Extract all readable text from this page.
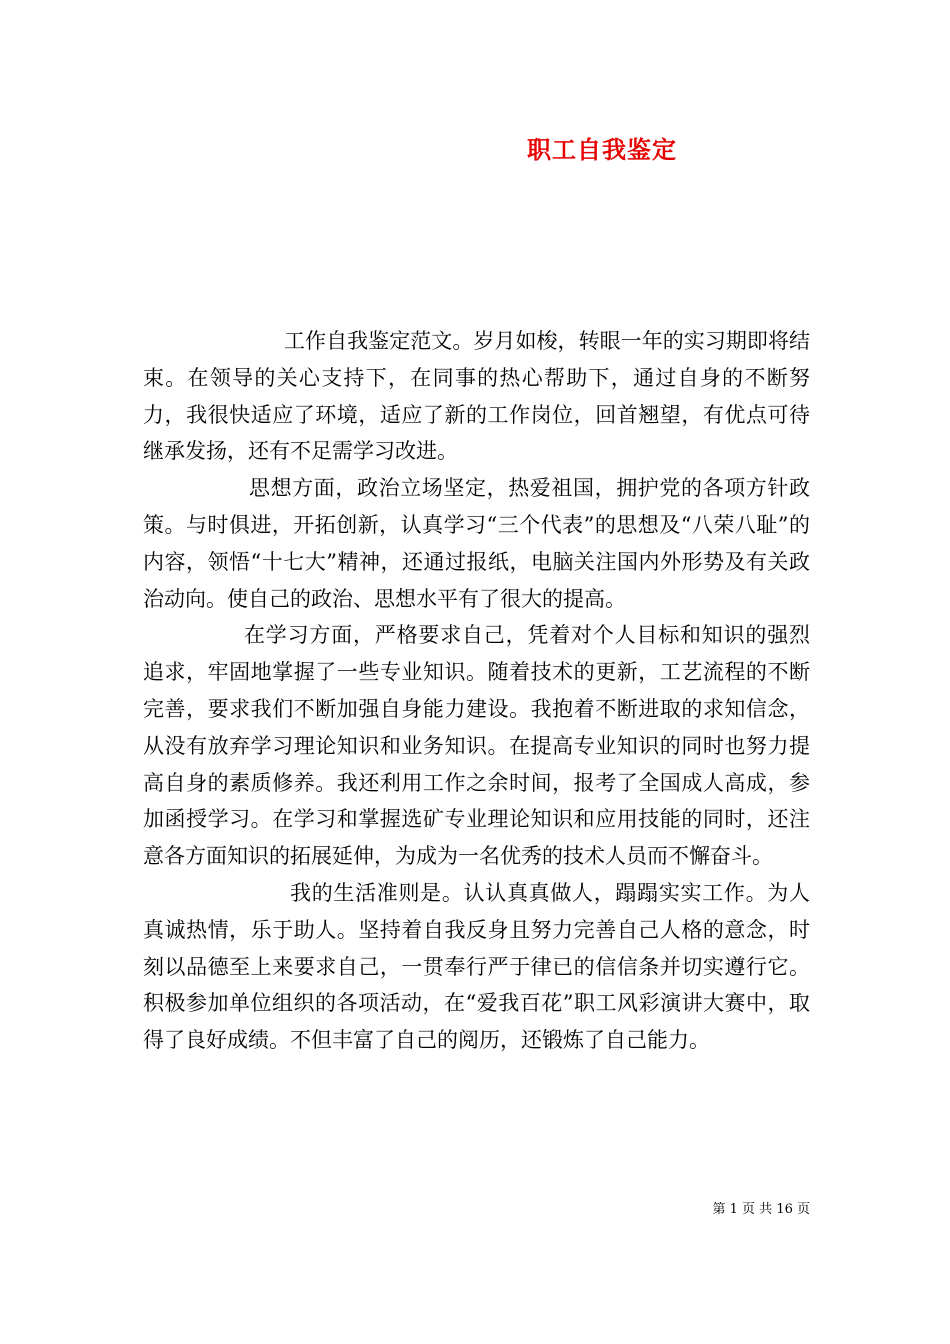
职工自我鉴定

工作自我鉴定范文。岁月如梭，转眼一年的实习期即将结束。在领导的关心支持下，在同事的热心帮助下，通过自身的不断努力，我很快适应了环境，适应了新的工作岗位，回首翘望，有优点可待继承发扬，还有不足需学习改进。

思想方面，政治立场坚定，热爱祖国，拥护党的各项方针政策。与时俱进，开拓创新，认真学习“三个代表”的思想及“八荣八耻”的内容，领悟“十七大”精神，还通过报纸，电脑关注国内外形势及有关政治动向。使自己的政治、思想水平有了很大的提高。

在学习方面，严格要求自己，凭着对个人目标和知识的强烈追求，牢固地掌握了一些专业知识。随着技术的更新，工艺流程的不断完善，要求我们不断加强自身能力建设。我抱着不断进取的求知信念，从没有放弃学习理论知识和业务知识。在提高专业知识的同时也努力提高自身的素质修养。我还利用工作之余时间，报考了全国成人高成，参加函授学习。在学习和掌握选矿专业理论知识和应用技能的同时，还注意各方面知识的拓展延伸，为成为一名优秀的技术人员而不懈奋斗。

我的生活准则是。认认真真做人，蹋蹋实实工作。为人真诚热情，乐于助人。坚持着自我反身且努力完善自己人格的意念，时刻以品德至上来要求自己，一贯奉行严于律已的信信条并切实遵行它。积极参加单位组织的各项活动，在“爱我百花”职工风彩演讲大赛中，取得了良好成绩。不但丰富了自己的阅历，还锻炼了自己能力。

第 1 页 共 16 页
